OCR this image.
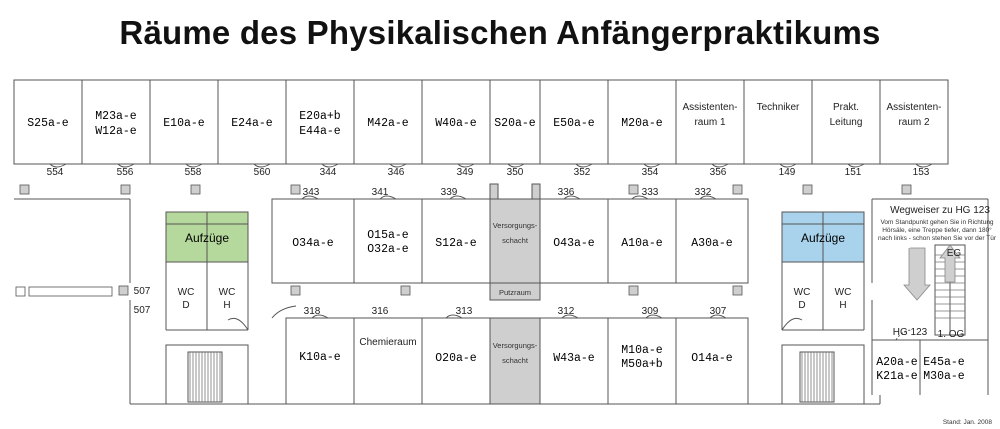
Räume des Physikalischen Anfängerpraktikums
S25a-e
554
M23a-e
W12a-e
556
E10a-e
558
E24a-e
560
E20a+b
E44a-e
344
M42a-e
346
W40a-e
349
S20a-e
350
E50a-e
352
M20a-e
354
Assistenten-
raum 1
356
Techniker
149
Prakt.
Leitung
151
Assistenten-
raum 2
153
343	341	339	336	333	332
O34a-e
O15a-e
O32a-e S12a-e	O43a-e A10a-e A30a-e
Versorgungs-
Versorgungs-
schacht
schacht
Putzraum
318	316	313	312	309	307
K10a-e
Chemieraum
O20a-e	W43a-e
M10a-e
M50a+b O14a-e
Aufzüge	Aufzüge
WC
D
WC
H
WC
D
WC
H
507
507
Wegweiser zu HG 123
Vom Standpunkt gehen Sie in Richtung
Hörsäle, eine Treppe tiefer, dann 180°
nach links - schon stehen Sie vor der Tür
EG
1. OG
HG 123
A20a-e
K21a-e
E45a-e
M30a-e
Stand: Jan. 2008
